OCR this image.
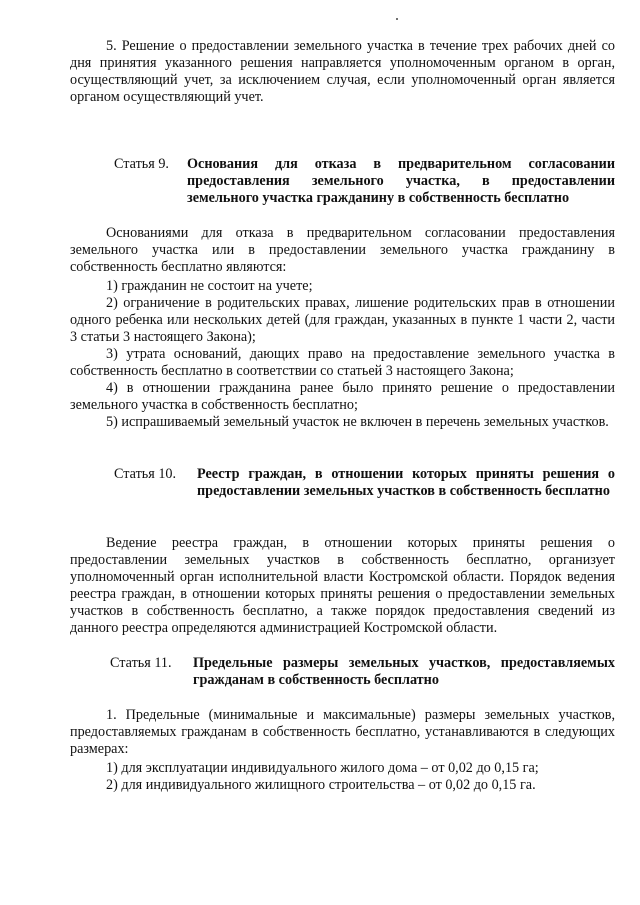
5. Решение о предоставлении земельного участка в течение трех рабочих дней со дня принятия указанного решения направляется уполномоченным органом в орган, осуществляющий учет, за исключением случая, если уполномоченный орган является органом осуществляющий учет.

Статья 9.	Основания для отказа в предварительном согласовании предоставления земельного участка, в предоставлении земельного участка гражданину в собственность бесплатно

Основаниями для отказа в предварительном согласовании предоставления земельного участка или в предоставлении земельного участка гражданину в собственность бесплатно являются:

1) гражданин не состоит на учете;

2) ограничение в родительских правах, лишение родительских прав в отношении одного ребенка или нескольких детей (для граждан, указанных в пункте 1 части 2, части 3 статьи 3 настоящего Закона);

3) утрата оснований, дающих право на предоставление земельного участка в собственность бесплатно в соответствии со статьей 3 настоящего Закона;

4) в отношении гражданина ранее было принято решение о предоставлении земельного участка в собственность бесплатно;

5) испрашиваемый земельный участок не включен в перечень земельных участков.

Статья 10.	Реестр граждан, в отношении которых приняты решения о предоставлении земельных участков в собственность бесплатно

Ведение реестра граждан, в отношении которых приняты решения о предоставлении земельных участков в собственность бесплатно, организует уполномоченный орган исполнительной власти Костромской области. Порядок ведения реестра граждан, в отношении которых приняты решения о предоставлении земельных участков в собственность бесплатно, а также порядок предоставления сведений из данного реестра определяются администрацией Костромской области.

Статья 11.	Предельные размеры земельных участков, предоставляемых гражданам в собственность бесплатно

1. Предельные (минимальные и максимальные) размеры земельных участков, предоставляемых гражданам в собственность бесплатно, устанавливаются в следующих размерах:

1) для эксплуатации индивидуального жилого дома – от 0,02 до 0,15 га;

2) для индивидуального жилищного строительства – от 0,02 до 0,15 га.
